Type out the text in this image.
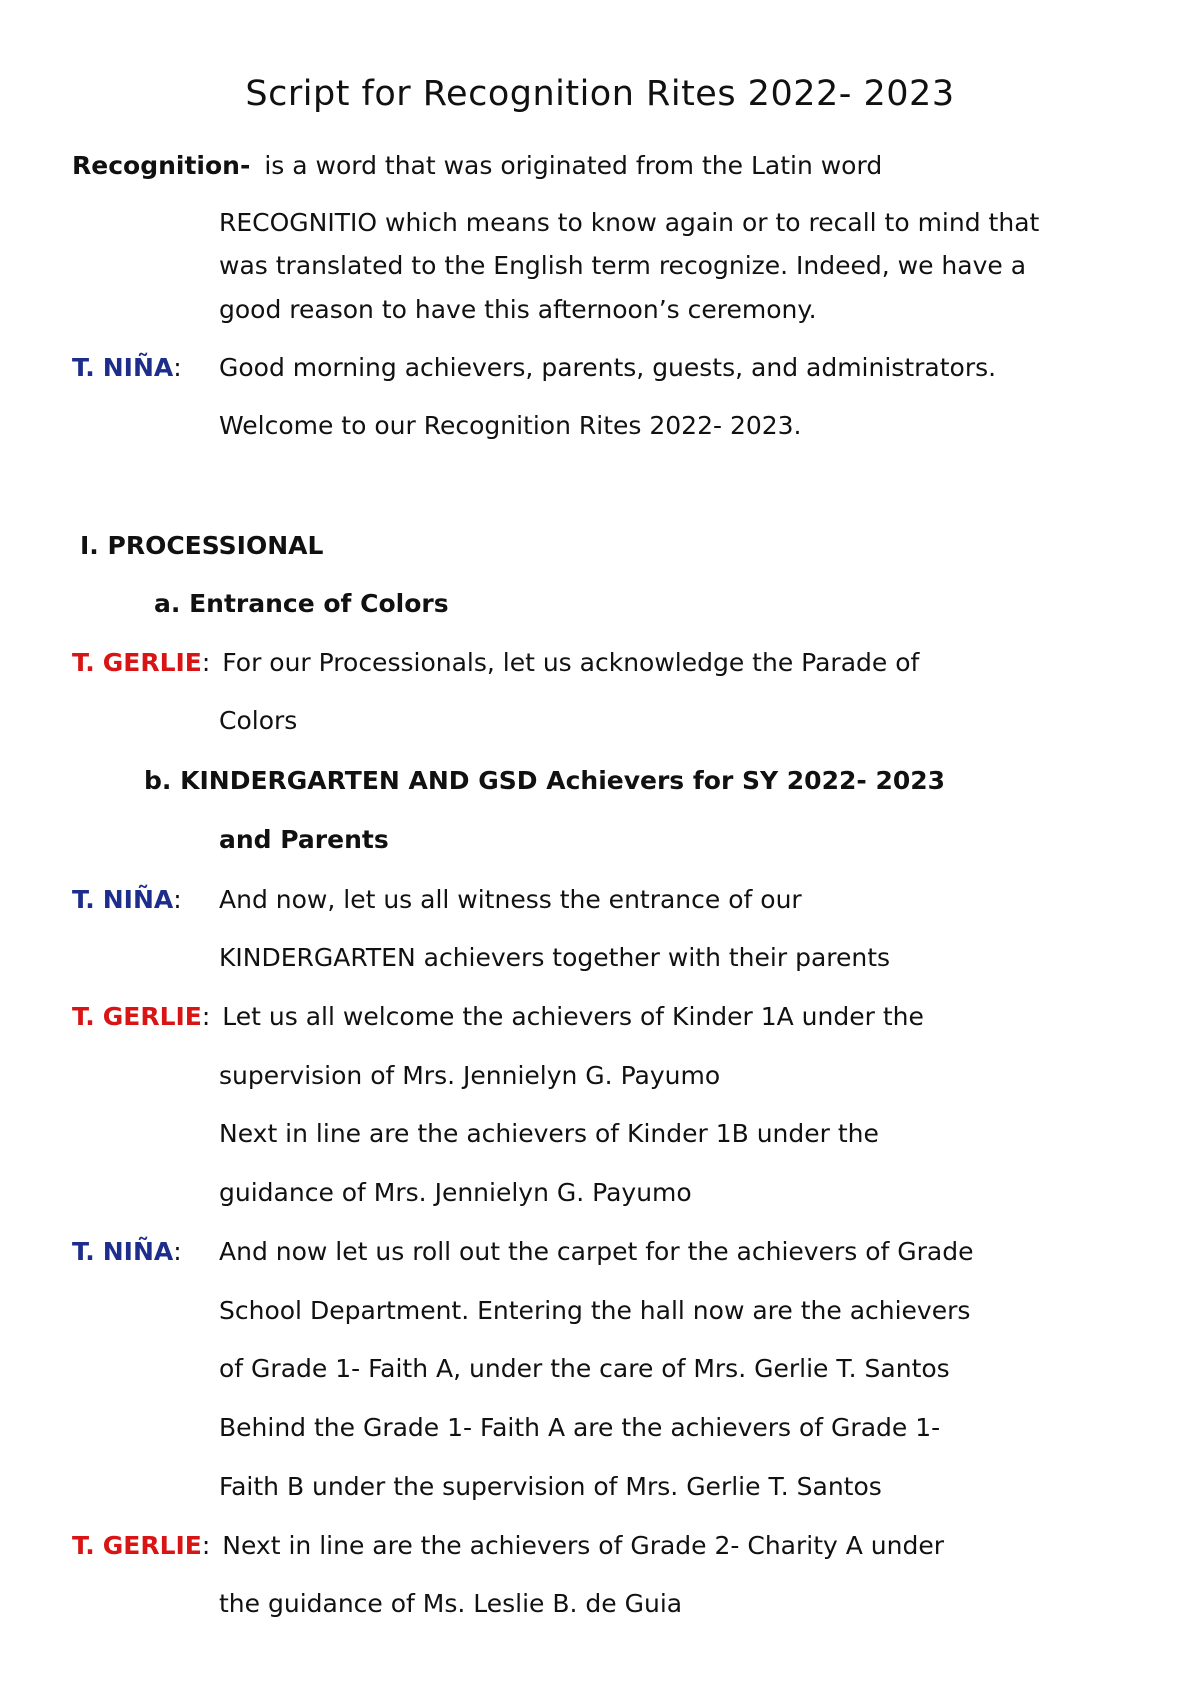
Script for Recognition Rites 2022- 2023
Recognition- is a word that was originated from the Latin word
RECOGNITIO which means to know again or to recall to mind that
was translated to the English term recognize. Indeed, we have a
good reason to have this afternoon’s ceremony.
T. NIÑA: Good morning achievers, parents, guests, and administrators.
Welcome to our Recognition Rites 2022- 2023.
I. PROCESSIONAL
a. Entrance of Colors
T. GERLIE: For our Processionals, let us acknowledge the Parade of
Colors
b. KINDERGARTEN AND GSD Achievers for SY 2022- 2023
and Parents
T. NIÑA: And now, let us all witness the entrance of our
KINDERGARTEN achievers together with their parents
T. GERLIE: Let us all welcome the achievers of Kinder 1A under the
supervision of Mrs. Jennielyn G. Payumo
Next in line are the achievers of Kinder 1B under the
guidance of Mrs. Jennielyn G. Payumo
T. NIÑA: And now let us roll out the carpet for the achievers of Grade
School Department. Entering the hall now are the achievers
of Grade 1- Faith A, under the care of Mrs. Gerlie T. Santos
Behind the Grade 1- Faith A are the achievers of Grade 1-
Faith B under the supervision of Mrs. Gerlie T. Santos
T. GERLIE: Next in line are the achievers of Grade 2- Charity A under
the guidance of Ms. Leslie B. de Guia
